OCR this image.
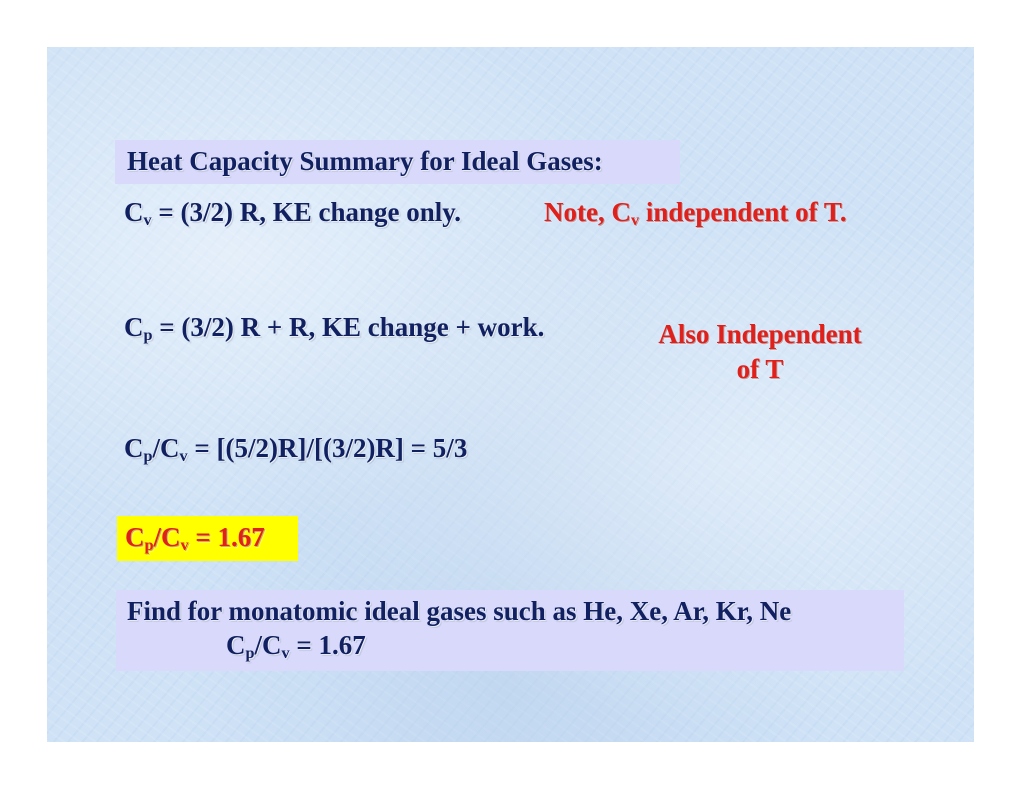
Heat Capacity Summary for Ideal Gases:
$C_v = (3/2)$ R, KE change only.	Note, $C_v$ independent of T.
$C_p = (3/2) R + R$, KE change + work.	Also Independent
of T
$C_p/C_v = [(5/2)R]/[(3/2)R] = 5/3$
$C_p/C_v = 1.67$
Find for monatomic ideal gases such as He, Xe, Ar, Kr, Ne
$C_p/C_v = 1.67$
